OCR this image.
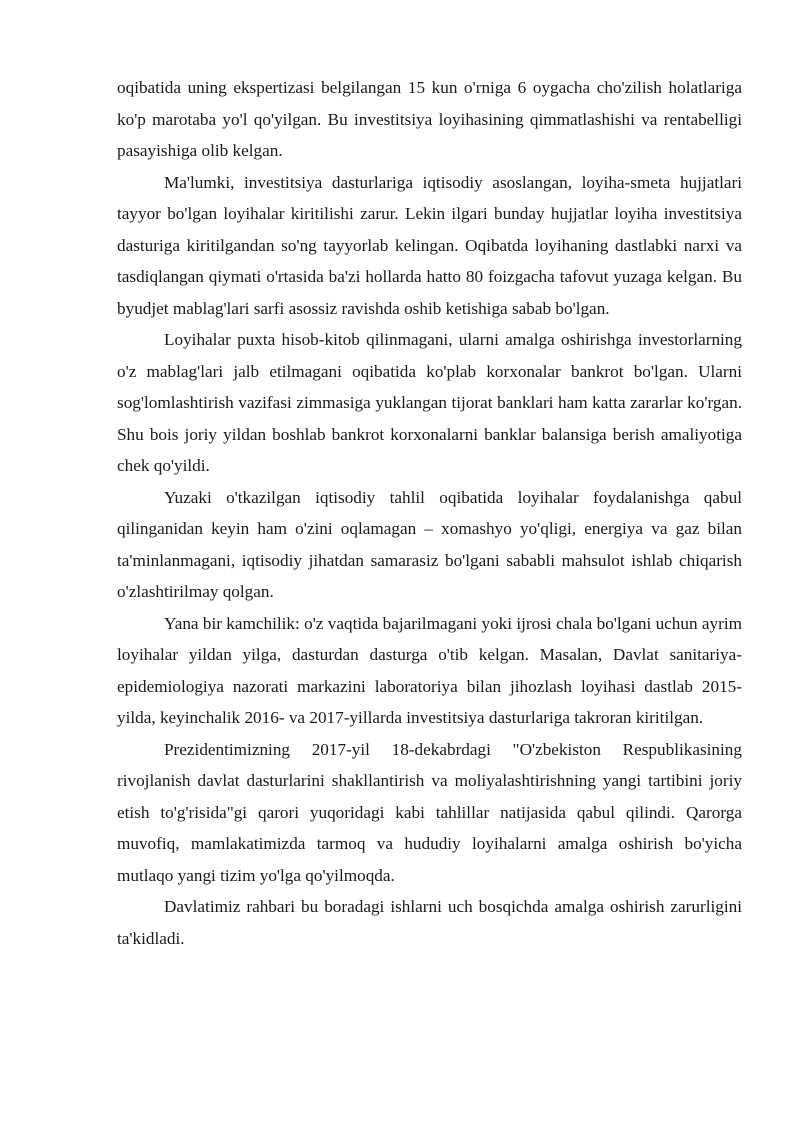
oqibatida uning ekspertizasi belgilangan 15 kun o'rniga 6 oygacha cho'zilish holatlariga ko'p marotaba yo'l qo'yilgan. Bu investitsiya loyihasining qimmatlashishi va rentabelligi pasayishiga olib kelgan.

Ma'lumki, investitsiya dasturlariga iqtisodiy asoslangan, loyiha-smeta hujjatlari tayyor bo'lgan loyihalar kiritilishi zarur. Lekin ilgari bunday hujjatlar loyiha investitsiya dasturiga kiritilgandan so'ng tayyorlab kelingan. Oqibatda loyihaning dastlabki narxi va tasdiqlangan qiymati o'rtasida ba'zi hollarda hatto 80 foizgacha tafovut yuzaga kelgan. Bu byudjet mablag'lari sarfi asossiz ravishda oshib ketishiga sabab bo'lgan.

Loyihalar puxta hisob-kitob qilinmagani, ularni amalga oshirishga investorlarning o'z mablag'lari jalb etilmagani oqibatida ko'plab korxonalar bankrot bo'lgan. Ularni sog'lomlashtirish vazifasi zimmasiga yuklangan tijorat banklari ham katta zararlar ko'rgan. Shu bois joriy yildan boshlab bankrot korxonalarni banklar balansiga berish amaliyotiga chek qo'yildi.

Yuzaki o'tkazilgan iqtisodiy tahlil oqibatida loyihalar foydalanishga qabul qilinganidan keyin ham o'zini oqlamagan – xomashyo yo'qligi, energiya va gaz bilan ta'minlanmagani, iqtisodiy jihatdan samarasiz bo'lgani sababli mahsulot ishlab chiqarish o'zlashtirilmay qolgan.

Yana bir kamchilik: o'z vaqtida bajarilmagani yoki ijrosi chala bo'lgani uchun ayrim loyihalar yildan yilga, dasturdan dasturga o'tib kelgan. Masalan, Davlat sanitariya-epidemiologiya nazorati markazini laboratoriya bilan jihozlash loyihasi dastlab 2015-yilda, keyinchalik 2016- va 2017-yillarda investitsiya dasturlariga takroran kiritilgan.

Prezidentimizning 2017-yil 18-dekabrdagi "O'zbekiston Respublikasining rivojlanish davlat dasturlarini shakllantirish va moliyalashtirishning yangi tartibini joriy etish to'g'risida"gi qarori yuqoridagi kabi tahlillar natijasida qabul qilindi. Qarorga muvofiq, mamlakatimizda tarmoq va hududiy loyihalarni amalga oshirish bo'yicha mutlaqo yangi tizim yo'lga qo'yilmoqda.

Davlatimiz rahbari bu boradagi ishlarni uch bosqichda amalga oshirish zarurligini ta'kidladi.
